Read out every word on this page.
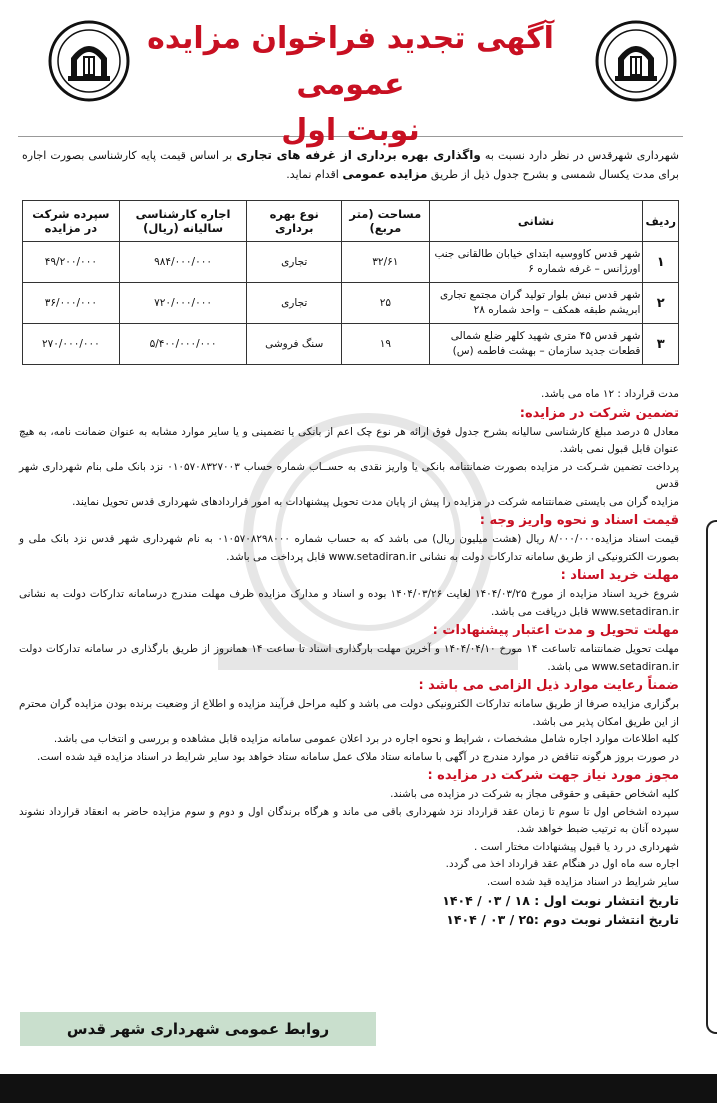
آگهی تجدید فراخوان مزایده عمومی
نوبت اول
شهرداری شهرقدس در نظر دارد نسبت به واگذاری بهره برداری از غرفه های تجاری بر اساس قیمت پایه کارشناسی بصورت اجاره برای مدت یکسال شمسی و بشرح جدول ذیل از طریق مزایده عمومی اقدام نماید.
ردیف	نشانی	مساحت (متر مربع)	نوع بهره برداری	اجاره کارشناسی سالیانه (ریال)	سپرده شرکت در مزایده
۱	شهر قدس کاووسیه ابتدای خیابان طالقانی جنب اورژانس – غرفه شماره ۶	۳۲/۶۱	تجاری	۹۸۴/۰۰۰/۰۰۰	۴۹/۲۰۰/۰۰۰
۲	شهر قدس نبش بلوار تولید گران مجتمع تجاری ابریشم طبقه همکف – واحد شماره ۲۸	۲۵	تجاری	۷۲۰/۰۰۰/۰۰۰	۳۶/۰۰۰/۰۰۰
۳	شهر قدس ۴۵ متری شهید کلهر ضلع شمالی قطعات جدید سازمان – بهشت فاطمه (س)	۱۹	سنگ فروشی	۵/۴۰۰/۰۰۰/۰۰۰	۲۷۰/۰۰۰/۰۰۰

مدت قرارداد : ۱۲ ماه می باشد.

تضمین شرکت در مزایده:

معادل ۵ درصد مبلغ کارشناسی سالیانه بشرح جدول فوق ارائه هر نوع چک اعم از بانکی یا تضمینی و یا سایر موارد مشابه به عنوان ضمانت نامه، به هیچ عنوان قابل قبول نمی باشد.

پرداخت تضمین شـرکت در مزایده بصورت ضمانتنامه بانکی یا واریز نقدی به حســاب شماره حساب ۰۱۰۵۷۰۸۳۲۷۰۰۳ نزد بانک ملی بنام شهرداری شهر قدس

مزایده گران می بایستی ضمانتنامه شرکت در مزایده را پیش از پایان مدت تحویل پیشنهادات به امور قراردادهای شهرداری قدس تحویل نمایند.

قیمت اسناد و نحوه واریز وجه :

قیمت اسناد مزایده۸/۰۰۰/۰۰۰ ریال (هشت میلیون ریال) می باشد که به حساب شماره ۰۱۰۵۷۰۸۲۹۸۰۰۰ به نام شهرداری شهر قدس نزد بانک ملی و بصورت الکترونیکی از طریق سامانه تدارکات دولت به نشانی www.setadiran.ir قابل پرداخت می باشد.

مهلت خرید اسناد :

شروع خرید اسناد مزایده از مورخ ۱۴۰۴/۰۳/۲۵ لغایت ۱۴۰۴/۰۳/۲۶ بوده و اسناد و مدارک مزایده ظرف مهلت مندرج درسامانه تدارکات دولت به نشانی www.setadiran.ir قابل دریافت می باشد.

مهلت تحویل و مدت اعتبار پیشنهادات :

مهلت تحویل ضمانتنامه تاساعت ۱۴ مورخ ۱۴۰۴/۰۴/۱۰ و آخرین مهلت بارگذاری اسناد تا ساعت ۱۴ همانروز از طریق بارگذاری در سامانه تدارکات دولت www.setadiran.ir می باشد.

ضمناً رعایت موارد ذیل الزامی می باشد :

برگزاری مزایده صرفا از طریق سامانه تدارکات الکترونیکی دولت می باشد و کلیه مراحل فرآیند مزایده و اطلاع از وضعیت برنده بودن مزایده گران محترم از این طریق امکان پذیر می باشد.

کلیه اطلاعات موارد اجاره شامل مشخصات ، شرایط و نحوه اجاره در برد اعلان عمومی سامانه مزایده قابل مشاهده و بررسی و انتخاب می باشد.

در صورت بروز هرگونه تناقض در موارد مندرج در آگهی با سامانه ستاد ملاک عمل سامانه ستاد خواهد بود سایر شرایط در اسناد مزایده قید شده است.

مجوز مورد نیاز جهت شرکت در مزایده :

کلیه اشخاص حقیقی و حقوقی مجاز به شرکت در مزایده می باشند.

سپرده اشخاص اول تا سوم تا زمان عقد قرارداد نزد شهرداری باقی می ماند و هرگاه برندگان اول و دوم و سوم مزایده حاضر به انعقاد قرارداد نشوند سپرده آنان به ترتیب ضبط خواهد شد.

شهرداری در رد یا قبول پیشنهادات مختار است .

اجاره سه ماه اول در هنگام عقد قرارداد اخذ می گردد.

سایر شرایط در اسناد مزایده قید شده است.

تاریخ انتشار نوبت اول : ۱۸ / ۰۳ / ۱۴۰۴

تاریخ انتشار نوبت دوم :۲۵ / ۰۳ / ۱۴۰۴

روابط عمومی شهرداری شهر قدس
